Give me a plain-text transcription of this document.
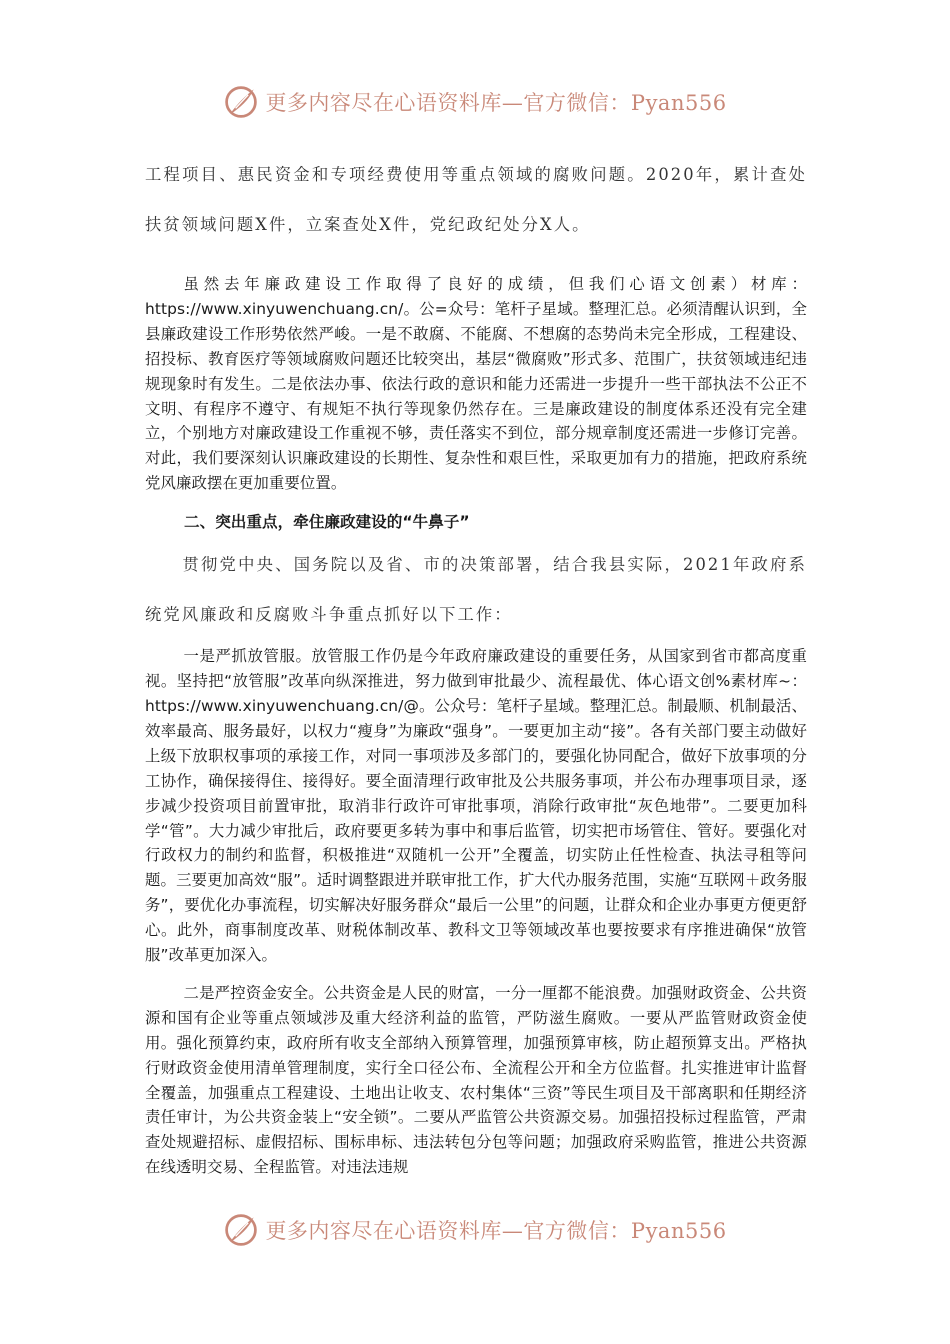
更多内容尽在心语资料库—官方微信：Pyan556

工程项目、惠民资金和专项经费使用等重点领域的腐败问题。2020年，累计查处扶贫领域问题X件，立案查处X件，党纪政纪处分X人。

虽然去年廉政建设工作取得了良好的成绩，但我们心语文创素）材库：https://www.xinyuwenchuang.cn/。公=众号：笔杆子星域。整理汇总。必须清醒认识到，全县廉政建设工作形势依然严峻。一是不敢腐、不能腐、不想腐的态势尚未完全形成，工程建设、招投标、教育医疗等领域腐败问题还比较突出，基层“微腐败”形式多、范围广，扶贫领域违纪违规现象时有发生。二是依法办事、依法行政的意识和能力还需进一步提升一些干部执法不公正不文明、有程序不遵守、有规矩不执行等现象仍然存在。三是廉政建设的制度体系还没有完全建立，个别地方对廉政建设工作重视不够，责任落实不到位，部分规章制度还需进一步修订完善。对此，我们要深刻认识廉政建设的长期性、复杂性和艰巨性，采取更加有力的措施，把政府系统党风廉政摆在更加重要位置。

二、突出重点，牵住廉政建设的“牛鼻子”

贯彻党中央、国务院以及省、市的决策部署，结合我县实际，2021年政府系统党风廉政和反腐败斗争重点抓好以下工作：

一是严抓放管服。放管服工作仍是今年政府廉政建设的重要任务，从国家到省市都高度重视。坚持把“放管服”改革向纵深推进，努力做到审批最少、流程最优、体心语文创%素材库~：https://www.xinyuwenchuang.cn/@。公众号：笔杆子星域。整理汇总。制最顺、机制最活、效率最高、服务最好，以权力“瘦身”为廉政“强身”。一要更加主动“接”。各有关部门要主动做好上级下放职权事项的承接工作，对同一事项涉及多部门的，要强化协同配合，做好下放事项的分工协作，确保接得住、接得好。要全面清理行政审批及公共服务事项，并公布办理事项目录，逐步减少投资项目前置审批，取消非行政许可审批事项，消除行政审批“灰色地带”。二要更加科学“管”。大力减少审批后，政府要更多转为事中和事后监管，切实把市场管住、管好。要强化对行政权力的制约和监督，积极推进“双随机一公开”全覆盖，切实防止任性检查、执法寻租等问题。三要更加高效“服”。适时调整跟进并联审批工作，扩大代办服务范围，实施“互联网＋政务服务”，要优化办事流程，切实解决好服务群众“最后一公里”的问题，让群众和企业办事更方便更舒心。此外，商事制度改革、财税体制改革、教科文卫等领域改革也要按要求有序推进确保“放管服”改革更加深入。

二是严控资金安全。公共资金是人民的财富，一分一厘都不能浪费。加强财政资金、公共资源和国有企业等重点领域涉及重大经济利益的监管，严防滋生腐败。一要从严监管财政资金使用。强化预算约束，政府所有收支全部纳入预算管理，加强预算审核，防止超预算支出。严格执行财政资金使用清单管理制度，实行全口径公布、全流程公开和全方位监督。扎实推进审计监督全覆盖，加强重点工程建设、土地出让收支、农村集体“三资”等民生项目及干部离职和任期经济责任审计，为公共资金装上“安全锁”。二要从严监管公共资源交易。加强招投标过程监管，严肃查处规避招标、虚假招标、围标串标、违法转包分包等问题；加强政府采购监管，推进公共资源在线透明交易、全程监管。对违法违规

更多内容尽在心语资料库—官方微信：Pyan556
